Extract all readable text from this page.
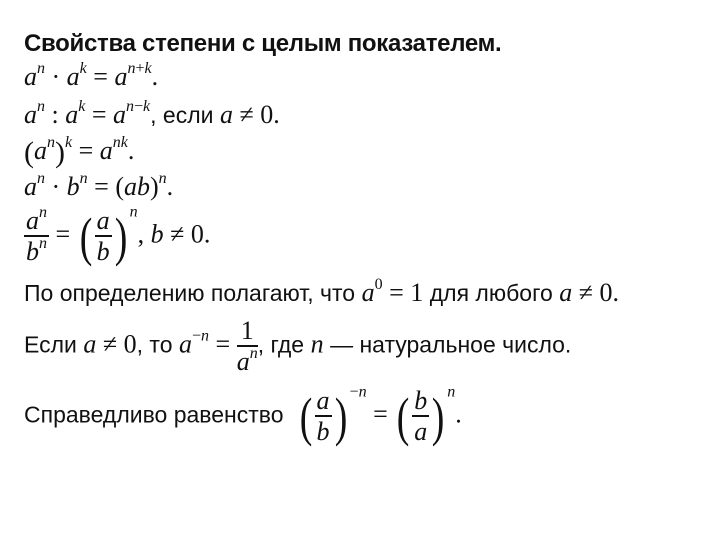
Свойства степени с целым показателем.
$a^n \cdot a^k = a^{n+k}$.
$a^n$ : $a^k = a^{n-k}$, если a ≠ 0.
$(a^n)^k = a^{nk}$.
$a^n \cdot b^n = (ab)^n$.
$\frac{a^n}{b^n}$ = ( $\frac{a}{b}$ ) $^n$, b ≠ 0.
По определению полагают, что $a^0 = 1$ для любого a ≠ 0.
Если a ≠ 0, то $a^{-n} = \frac{1}{a^n}$ , где n — натуральное число.
Справедливо равенство ( $\frac{a}{b}$ ) $^{-n}$ = ( $\frac{b}{a}$ ) $^n$.
